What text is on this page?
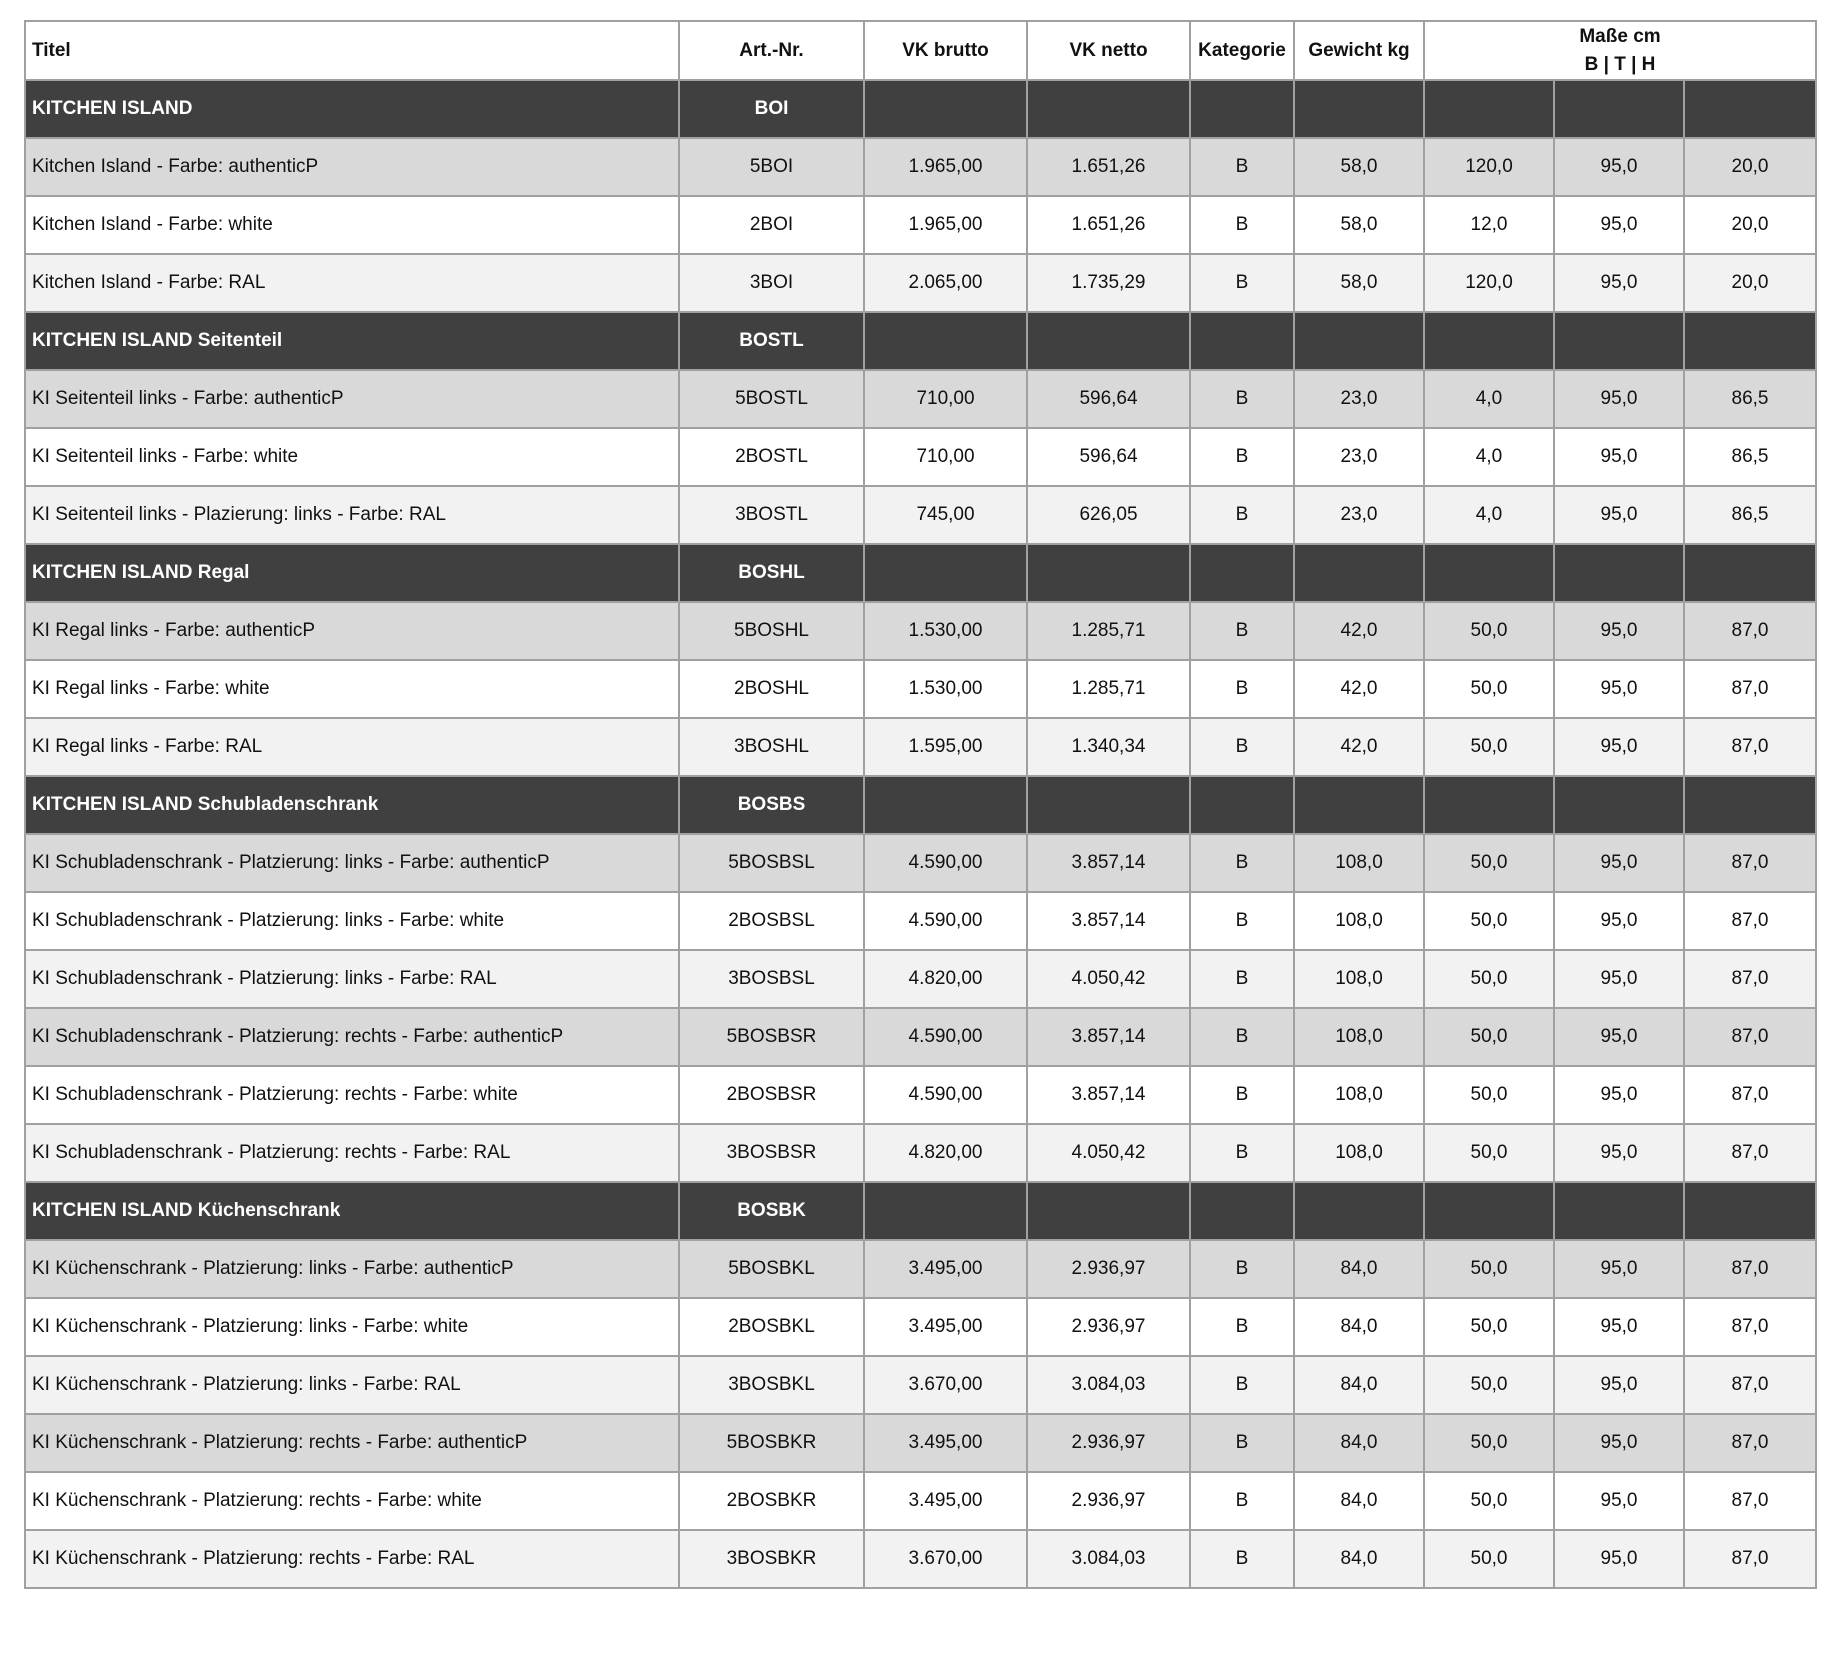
Titel	Art.-Nr.	VK brutto	VK netto	Kategorie	Gewicht kg	Maße cm
B | T | H		

KITCHEN ISLAND	BOI							
Kitchen Island - Farbe: authenticP	5BOI	1.965,00	1.651,26	B	58,0	120,0	95,0	20,0
Kitchen Island - Farbe: white	2BOI	1.965,00	1.651,26	B	58,0	12,0	95,0	20,0
Kitchen Island - Farbe: RAL	3BOI	2.065,00	1.735,29	B	58,0	120,0	95,0	20,0
KITCHEN ISLAND Seitenteil	BOSTL							
KI Seitenteil links - Farbe: authenticP	5BOSTL	710,00	596,64	B	23,0	4,0	95,0	86,5
KI Seitenteil links - Farbe: white	2BOSTL	710,00	596,64	B	23,0	4,0	95,0	86,5
KI Seitenteil links - Plazierung: links - Farbe: RAL	3BOSTL	745,00	626,05	B	23,0	4,0	95,0	86,5
KITCHEN ISLAND Regal	BOSHL							
KI Regal links - Farbe: authenticP	5BOSHL	1.530,00	1.285,71	B	42,0	50,0	95,0	87,0
KI Regal links - Farbe: white	2BOSHL	1.530,00	1.285,71	B	42,0	50,0	95,0	87,0
KI Regal links - Farbe: RAL	3BOSHL	1.595,00	1.340,34	B	42,0	50,0	95,0	87,0
KITCHEN ISLAND Schubladenschrank	BOSBS							
KI Schubladenschrank - Platzierung: links - Farbe: authenticP	5BOSBSL	4.590,00	3.857,14	B	108,0	50,0	95,0	87,0
KI Schubladenschrank - Platzierung: links - Farbe: white	2BOSBSL	4.590,00	3.857,14	B	108,0	50,0	95,0	87,0
KI Schubladenschrank - Platzierung: links - Farbe: RAL	3BOSBSL	4.820,00	4.050,42	B	108,0	50,0	95,0	87,0
KI Schubladenschrank - Platzierung: rechts - Farbe: authenticP	5BOSBSR	4.590,00	3.857,14	B	108,0	50,0	95,0	87,0
KI Schubladenschrank - Platzierung: rechts - Farbe: white	2BOSBSR	4.590,00	3.857,14	B	108,0	50,0	95,0	87,0
KI Schubladenschrank - Platzierung: rechts - Farbe: RAL	3BOSBSR	4.820,00	4.050,42	B	108,0	50,0	95,0	87,0
KITCHEN ISLAND Küchenschrank	BOSBK							
KI Küchenschrank - Platzierung: links - Farbe: authenticP	5BOSBKL	3.495,00	2.936,97	B	84,0	50,0	95,0	87,0
KI Küchenschrank - Platzierung: links - Farbe: white	2BOSBKL	3.495,00	2.936,97	B	84,0	50,0	95,0	87,0
KI Küchenschrank - Platzierung: links - Farbe: RAL	3BOSBKL	3.670,00	3.084,03	B	84,0	50,0	95,0	87,0
KI Küchenschrank - Platzierung: rechts - Farbe: authenticP	5BOSBKR	3.495,00	2.936,97	B	84,0	50,0	95,0	87,0
KI Küchenschrank - Platzierung: rechts - Farbe: white	2BOSBKR	3.495,00	2.936,97	B	84,0	50,0	95,0	87,0
KI Küchenschrank - Platzierung: rechts - Farbe: RAL	3BOSBKR	3.670,00	3.084,03	B	84,0	50,0	95,0	87,0
